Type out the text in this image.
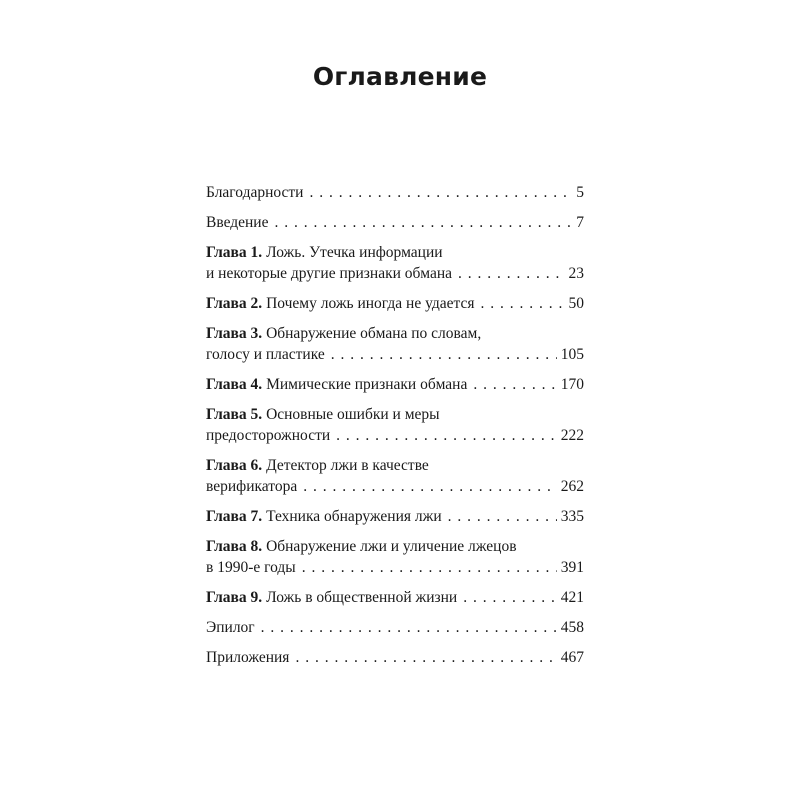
Оглавление
Благодарности . . .	5
Введение . . .	7
Глава 1. Ложь. Утечка информации
и некоторые другие признаки обмана . . .	23
Глава 2. Почему ложь иногда не удается . . .	50
Глава 3. Обнаружение обмана по словам,
голосу и пластике . . .	105
Глава 4. Мимические признаки обмана . . .	170
Глава 5. Основные ошибки и меры
предосторожности . . .	222
Глава 6. Детектор лжи в качестве
верификатора . . .	262
Глава 7. Техника обнаружения лжи . . .	335
Глава 8. Обнаружение лжи и уличение лжецов
в 1990-е годы . . .	391
Глава 9. Ложь в общественной жизни . . .	421
Эпилог . . .	458
Приложения . . .	467
